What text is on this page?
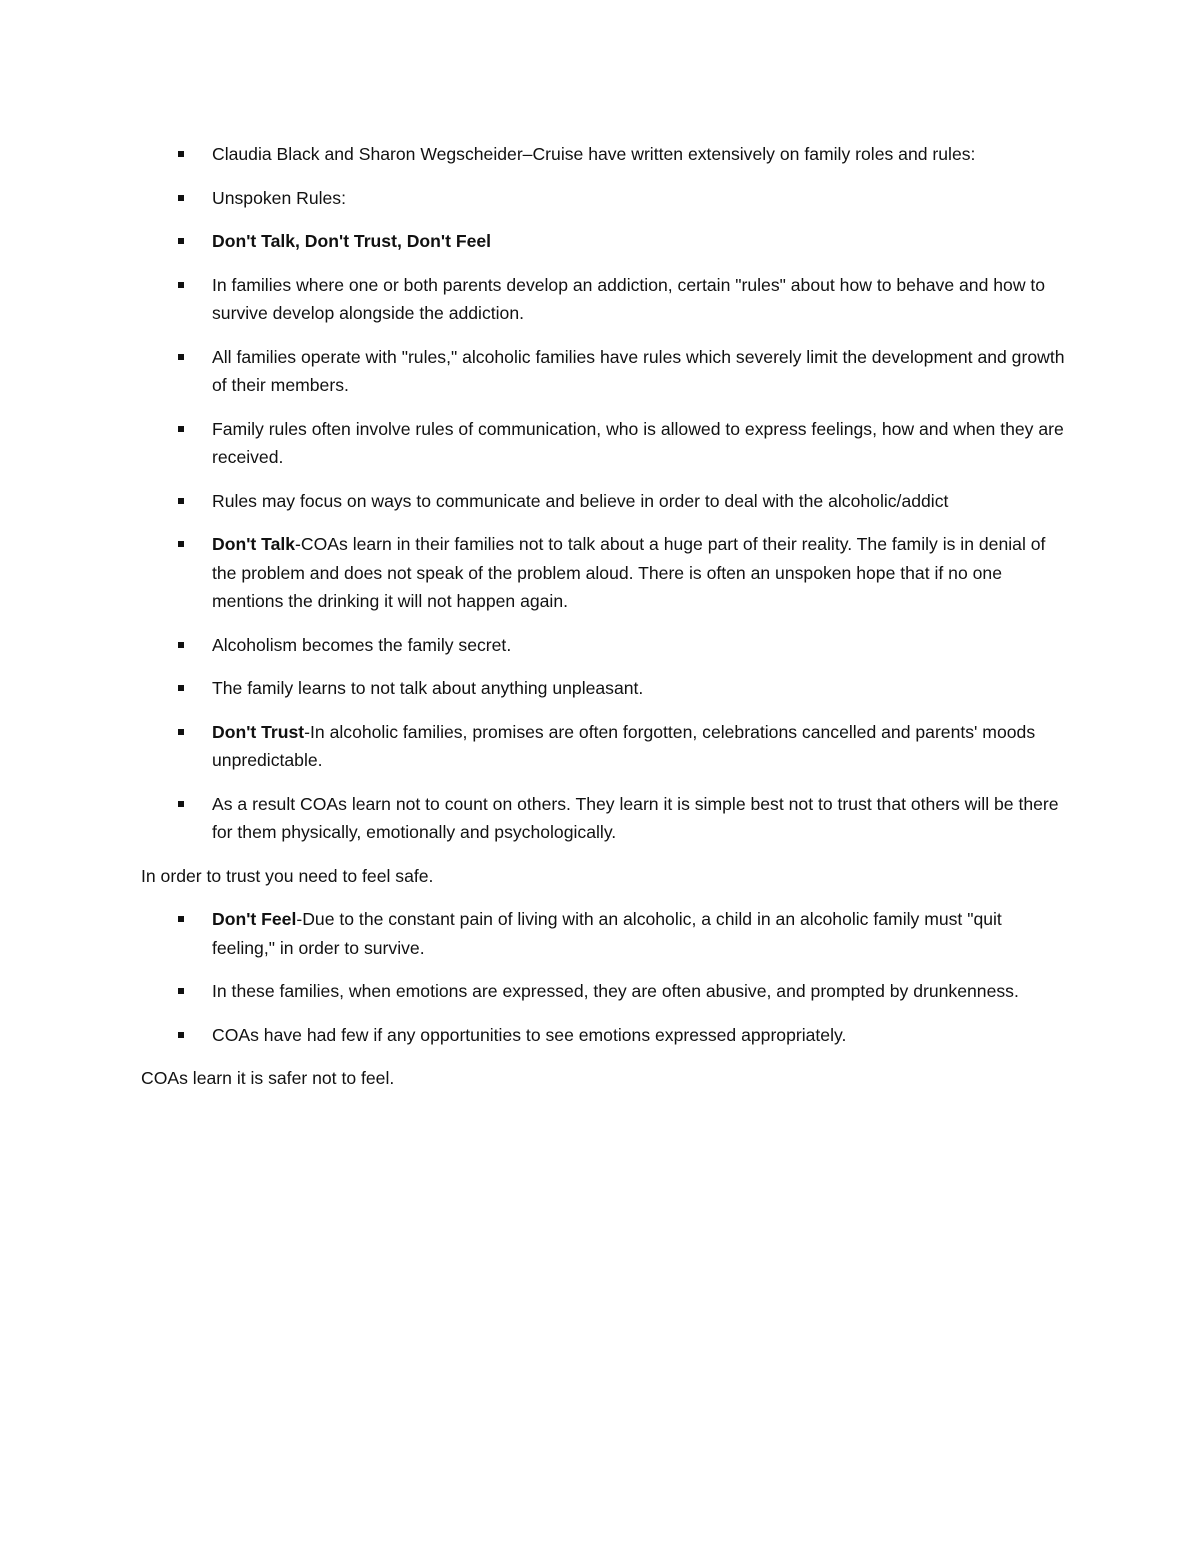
Claudia Black and Sharon Wegscheider–Cruise have written extensively on family roles and rules:
Unspoken Rules:
Don't Talk, Don't Trust, Don't Feel
In families where one or both parents develop an addiction, certain "rules" about how to behave and how to survive develop alongside the addiction.
All families operate with "rules," alcoholic families have rules which severely limit the development and growth of their members.
Family rules often involve rules of communication, who is allowed to express feelings, how and when they are received.
Rules may focus on ways to communicate and believe in order to deal with the alcoholic/addict
Don't Talk-COAs learn in their families not to talk about a huge part of their reality. The family is in denial of the problem and does not speak of the problem aloud. There is often an unspoken hope that if no one mentions the drinking it will not happen again.
Alcoholism becomes the family secret.
The family learns to not talk about anything unpleasant.
Don't Trust-In alcoholic families, promises are often forgotten, celebrations cancelled and parents' moods unpredictable.
As a result COAs learn not to count on others. They learn it is simple best not to trust that others will be there for them physically, emotionally and psychologically.

In order to trust you need to feel safe.

Don't Feel-Due to the constant pain of living with an alcoholic, a child in an alcoholic family must "quit feeling," in order to survive.
In these families, when emotions are expressed, they are often abusive, and prompted by drunkenness.
COAs have had few if any opportunities to see emotions expressed appropriately.

COAs learn it is safer not to feel.
